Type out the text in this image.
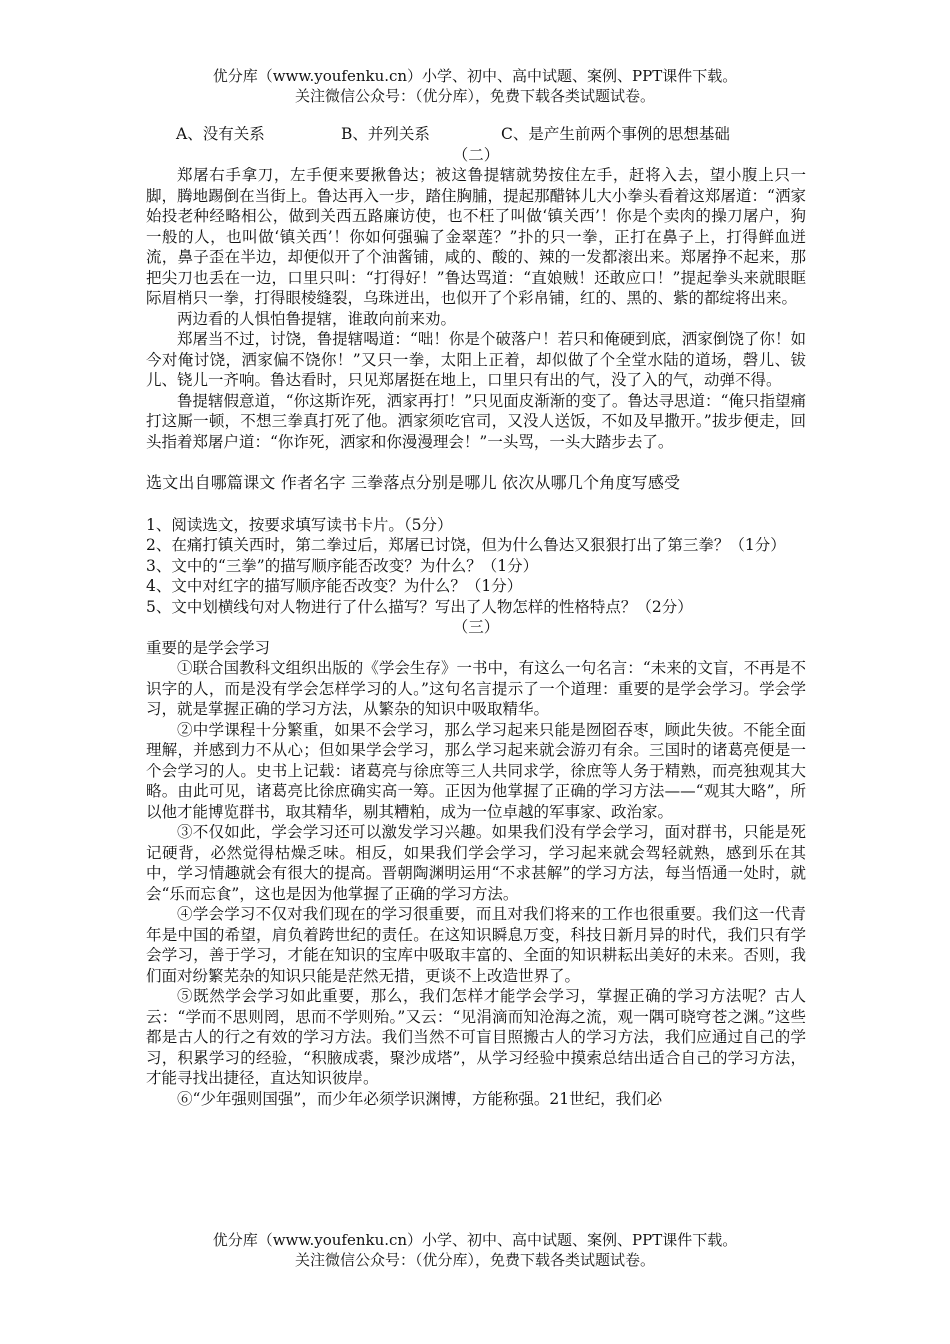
优分库（www.youfenku.cn）小学、初中、高中试题、案例、PPT课件下载。
关注微信公众号：（优分库），免费下载各类试题试卷。
A、没有关系	B、并列关系	C、是产生前两个事例的思想基础

（二）

郑屠右手拿刀，左手便来要揪鲁达；被这鲁提辖就势按住左手，赶将入去，望小腹上只一脚，腾地踢倒在当街上。鲁达再入一步，踏住胸脯，提起那醋钵儿大小拳头看着这郑屠道：“洒家始投老种经略相公，做到关西五路廉访使，也不枉了叫做‘镇关西’！你是个卖肉的操刀屠户，狗一般的人，也叫做‘镇关西’！你如何强骗了金翠莲？”扑的只一拳，正打在鼻子上，打得鲜血迸流，鼻子歪在半边，却便似开了个油酱铺，咸的、酸的、辣的一发都滚出来。郑屠挣不起来，那把尖刀也丢在一边，口里只叫：“打得好！”鲁达骂道：“直娘贼！还敢应口！”提起拳头来就眼眶际眉梢只一拳，打得眼棱缝裂，乌珠迸出，也似开了个彩帛铺，红的、黑的、紫的都绽将出来。

两边看的人惧怕鲁提辖，谁敢向前来劝。

郑屠当不过，讨饶，鲁提辖喝道：“咄！你是个破落户！若只和俺硬到底，洒家倒饶了你！如今对俺讨饶，洒家偏不饶你！”又只一拳，太阳上正着，却似做了个全堂水陆的道场，磬儿、钹儿、铙儿一齐响。鲁达看时，只见郑屠挺在地上，口里只有出的气，没了入的气，动弹不得。

鲁提辖假意道，“你这斯诈死，洒家再打！”只见面皮渐渐的变了。鲁达寻思道：“俺只指望痛打这厮一顿，不想三拳真打死了他。洒家须吃官司，又没人送饭，不如及早撒开。”拔步便走，回头指着郑屠户道：“你诈死，洒家和你漫漫理会！”一头骂，一头大踏步去了。

选文出自哪篇课文 作者名字 三拳落点分别是哪儿 依次从哪几个角度写感受

1、阅读选文，按要求填写读书卡片。（5分）

2、在痛打镇关西时，第二拳过后，郑屠已讨饶，但为什么鲁达又狠狠打出了第三拳？（1分）

3、文中的“三拳”的描写顺序能否改变？为什么？（1分）

4、文中对红字的描写顺序能否改变？为什么？（1分）

5、文中划横线句对人物进行了什么描写？写出了人物怎样的性格特点？（2分）

（三）

重要的是学会学习

①联合国教科文组织出版的《学会生存》一书中，有这么一句名言：“未来的文盲，不再是不识字的人，而是没有学会怎样学习的人。”这句名言提示了一个道理：重要的是学会学习。学会学习，就是掌握正确的学习方法，从繁杂的知识中吸取精华。

②中学课程十分繁重，如果不会学习，那么学习起来只能是囫囵吞枣，顾此失彼。不能全面理解，并感到力不从心；但如果学会学习，那么学习起来就会游刃有余。三国时的诸葛亮便是一个会学习的人。史书上记载：诸葛亮与徐庶等三人共同求学，徐庶等人务于精熟，而亮独观其大略。由此可见，诸葛亮比徐庶确实高一筹。正因为他掌握了正确的学习方法——“观其大略”，所以他才能博览群书，取其精华，剔其糟粕，成为一位卓越的军事家、政治家。

③不仅如此，学会学习还可以激发学习兴趣。如果我们没有学会学习，面对群书，只能是死记硬背，必然觉得枯燥乏味。相反，如果我们学会学习，学习起来就会驾轻就熟，感到乐在其中，学习情趣就会有很大的提高。晋朝陶渊明运用“不求甚解”的学习方法，每当悟通一处时，就会“乐而忘食”，这也是因为他掌握了正确的学习方法。

④学会学习不仅对我们现在的学习很重要，而且对我们将来的工作也很重要。我们这一代青年是中国的希望，肩负着跨世纪的责任。在这知识瞬息万变，科技日新月异的时代，我们只有学会学习，善于学习，才能在知识的宝库中吸取丰富的、全面的知识耕耘出美好的未来。否则，我们面对纷繁芜杂的知识只能是茫然无措，更谈不上改造世界了。

⑤既然学会学习如此重要，那么，我们怎样才能学会学习，掌握正确的学习方法呢？古人云：“学而不思则罔，思而不学则殆。”又云：“见涓滴而知沧海之流，观一隅可晓穹苍之渊。”这些都是古人的行之有效的学习方法。我们当然不可盲目照搬古人的学习方法，我们应通过自己的学习，积累学习的经验，“积腋成裘，聚沙成塔”，从学习经验中摸索总结出适合自己的学习方法，才能寻找出捷径，直达知识彼岸。

⑥“少年强则国强”，而少年必须学识渊博，方能称强。21世纪，我们必

优分库（www.youfenku.cn）小学、初中、高中试题、案例、PPT课件下载。
关注微信公众号：（优分库），免费下载各类试题试卷。
